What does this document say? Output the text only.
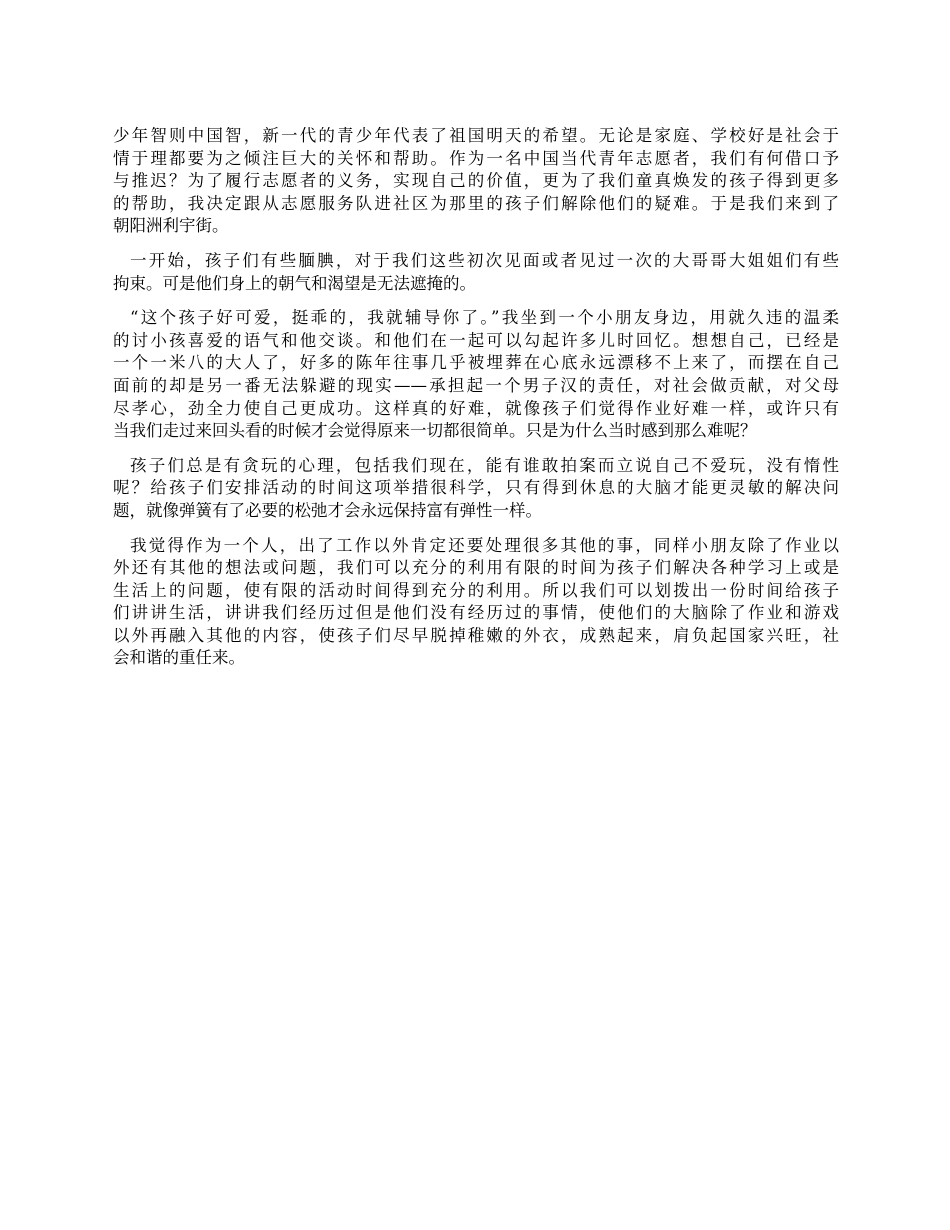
少年智则中国智，新一代的青少年代表了祖国明天的希望。无论是家庭、学校好是社会于
情于理都要为之倾注巨大的关怀和帮助。作为一名中国当代青年志愿者，我们有何借口予
与推迟？为了履行志愿者的义务，实现自己的价值，更为了我们童真焕发的孩子得到更多
的帮助，我决定跟从志愿服务队进社区为那里的孩子们解除他们的疑难。于是我们来到了
朝阳洲利宇街。
一开始，孩子们有些腼腆，对于我们这些初次见面或者见过一次的大哥哥大姐姐们有些
拘束。可是他们身上的朝气和渴望是无法遮掩的。
“这个孩子好可爱，挺乖的，我就辅导你了。”我坐到一个小朋友身边，用就久违的温柔
的讨小孩喜爱的语气和他交谈。和他们在一起可以勾起许多儿时回忆。想想自己，已经是
一个一米八的大人了，好多的陈年往事几乎被埋葬在心底永远漂移不上来了，而摆在自己
面前的却是另一番无法躲避的现实——承担起一个男子汉的责任，对社会做贡献，对父母
尽孝心，劲全力使自己更成功。这样真的好难，就像孩子们觉得作业好难一样，或许只有
当我们走过来回头看的时候才会觉得原来一切都很简单。只是为什么当时感到那么难呢？
孩子们总是有贪玩的心理，包括我们现在，能有谁敢拍案而立说自己不爱玩，没有惰性
呢？给孩子们安排活动的时间这项举措很科学，只有得到休息的大脑才能更灵敏的解决问
题，就像弹簧有了必要的松弛才会永远保持富有弹性一样。
我觉得作为一个人，出了工作以外肯定还要处理很多其他的事，同样小朋友除了作业以
外还有其他的想法或问题，我们可以充分的利用有限的时间为孩子们解决各种学习上或是
生活上的问题，使有限的活动时间得到充分的利用。所以我们可以划拨出一份时间给孩子
们讲讲生活，讲讲我们经历过但是他们没有经历过的事情，使他们的大脑除了作业和游戏
以外再融入其他的内容，使孩子们尽早脱掉稚嫩的外衣，成熟起来，肩负起国家兴旺，社
会和谐的重任来。
